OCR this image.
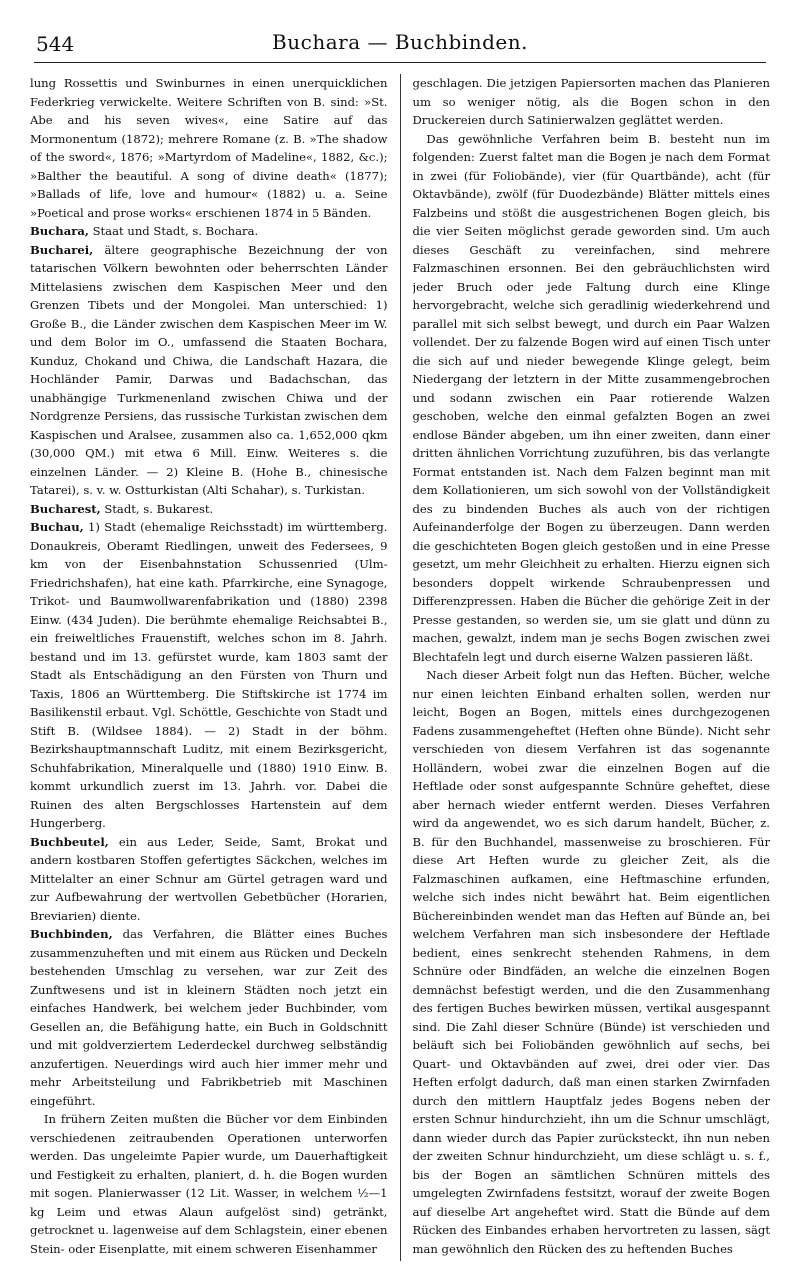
544	Buchara — Buchbinden.

lung Rossettis und Swinburnes in einen unerquicklichen Federkrieg verwickelte. Weitere Schriften von B. sind: »St. Abe and his seven wives«, eine Satire auf das Mormonentum (1872); mehrere Romane (z. B. »The shadow of the sword«, 1876; »Martyrdom of Madeline«, 1882, &c.); »Balther the beautiful. A song of divine death« (1877); »Ballads of life, love and humour« (1882) u. a. Seine »Poetical and prose works« erschienen 1874 in 5 Bänden.

Buchara, Staat und Stadt, s. Bochara.

Bucharei, ältere geographische Bezeichnung der von tatarischen Völkern bewohnten oder beherrschten Länder Mittelasiens zwischen dem Kaspischen Meer und den Grenzen Tibets und der Mongolei. Man unterschied: 1) Große B., die Länder zwischen dem Kaspischen Meer im W. und dem Bolor im O., umfassend die Staaten Bochara, Kunduz, Chokand und Chiwa, die Landschaft Hazara, die Hochländer Pamir, Darwas und Badachschan, das unabhängige Turkmenenland zwischen Chiwa und der Nordgrenze Persiens, das russische Turkistan zwischen dem Kaspischen und Aralsee, zusammen also ca. 1,652,000 qkm (30,000 QM.) mit etwa 6 Mill. Einw. Weiteres s. die einzelnen Länder. — 2) Kleine B. (Hohe B., chinesische Tatarei), s. v. w. Ostturkistan (Alti Schahar), s. Turkistan.

Bucharest, Stadt, s. Bukarest.

Buchau, 1) Stadt (ehemalige Reichsstadt) im württemberg. Donaukreis, Oberamt Riedlingen, unweit des Federsees, 9 km von der Eisenbahnstation Schussenried (Ulm-Friedrichshafen), hat eine kath. Pfarrkirche, eine Synagoge, Trikot- und Baumwollwarenfabrikation und (1880) 2398 Einw. (434 Juden). Die berühmte ehemalige Reichsabtei B., ein freiweltliches Frauenstift, welches schon im 8. Jahrh. bestand und im 13. gefürstet wurde, kam 1803 samt der Stadt als Entschädigung an den Fürsten von Thurn und Taxis, 1806 an Württemberg. Die Stiftskirche ist 1774 im Basilikenstil erbaut. Vgl. Schöttle, Geschichte von Stadt und Stift B. (Wildsee 1884). — 2) Stadt in der böhm. Bezirkshauptmannschaft Luditz, mit einem Bezirksgericht, Schuhfabrikation, Mineralquelle und (1880) 1910 Einw. B. kommt urkundlich zuerst im 13. Jahrh. vor. Dabei die Ruinen des alten Bergschlosses Hartenstein auf dem Hungerberg.

Buchbeutel, ein aus Leder, Seide, Samt, Brokat und andern kostbaren Stoffen gefertigtes Säckchen, welches im Mittelalter an einer Schnur am Gürtel getragen ward und zur Aufbewahrung der wertvollen Gebetbücher (Horarien, Breviarien) diente.

Buchbinden, das Verfahren, die Blätter eines Buches zusammenzuheften und mit einem aus Rücken und Deckeln bestehenden Umschlag zu versehen, war zur Zeit des Zunftwesens und ist in kleinern Städten noch jetzt ein einfaches Handwerk, bei welchem jeder Buchbinder, vom Gesellen an, die Befähigung hatte, ein Buch in Goldschnitt und mit goldverziertem Lederdeckel durchweg selbständig anzufertigen. Neuerdings wird auch hier immer mehr und mehr Arbeitsteilung und Fabrikbetrieb mit Maschinen eingeführt.

In frühern Zeiten mußten die Bücher vor dem Einbinden verschiedenen zeitraubenden Operationen unterworfen werden. Das ungeleimte Papier wurde, um Dauerhaftigkeit und Festigkeit zu erhalten, planiert, d. h. die Bogen wurden mit sogen. Planierwasser (12 Lit. Wasser, in welchem ½—1 kg Leim und etwas Alaun aufgelöst sind) getränkt, getrocknet u. lagenweise auf dem Schlagstein, einer ebenen Stein- oder Eisenplatte, mit einem schweren Eisenhammer

geschlagen. Die jetzigen Papiersorten machen das Planieren um so weniger nötig, als die Bogen schon in den Druckereien durch Satinierwalzen geglättet werden.

Das gewöhnliche Verfahren beim B. besteht nun im folgenden: Zuerst faltet man die Bogen je nach dem Format in zwei (für Foliobände), vier (für Quartbände), acht (für Oktavbände), zwölf (für Duodezbände) Blätter mittels eines Falzbeins und stößt die ausgestrichenen Bogen gleich, bis die vier Seiten möglichst gerade geworden sind. Um auch dieses Geschäft zu vereinfachen, sind mehrere Falzmaschinen ersonnen. Bei den gebräuchlichsten wird jeder Bruch oder jede Faltung durch eine Klinge hervorgebracht, welche sich geradlinig wiederkehrend und parallel mit sich selbst bewegt, und durch ein Paar Walzen vollendet. Der zu falzende Bogen wird auf einen Tisch unter die sich auf und nieder bewegende Klinge gelegt, beim Niedergang der letztern in der Mitte zusammengebrochen und sodann zwischen ein Paar rotierende Walzen geschoben, welche den einmal gefalzten Bogen an zwei endlose Bänder abgeben, um ihn einer zweiten, dann einer dritten ähnlichen Vorrichtung zuzuführen, bis das verlangte Format entstanden ist. Nach dem Falzen beginnt man mit dem Kollationieren, um sich sowohl von der Vollständigkeit des zu bindenden Buches als auch von der richtigen Aufeinanderfolge der Bogen zu überzeugen. Dann werden die geschichteten Bogen gleich gestoßen und in eine Presse gesetzt, um mehr Gleichheit zu erhalten. Hierzu eignen sich besonders doppelt wirkende Schraubenpressen und Differenzpressen. Haben die Bücher die gehörige Zeit in der Presse gestanden, so werden sie, um sie glatt und dünn zu machen, gewalzt, indem man je sechs Bogen zwischen zwei Blechtafeln legt und durch eiserne Walzen passieren läßt.

Nach dieser Arbeit folgt nun das Heften. Bücher, welche nur einen leichten Einband erhalten sollen, werden nur leicht, Bogen an Bogen, mittels eines durchgezogenen Fadens zusammengeheftet (Heften ohne Bünde). Nicht sehr verschieden von diesem Verfahren ist das sogenannte Holländern, wobei zwar die einzelnen Bogen auf die Heftlade oder sonst aufgespannte Schnüre geheftet, diese aber hernach wieder entfernt werden. Dieses Verfahren wird da angewendet, wo es sich darum handelt, Bücher, z. B. für den Buchhandel, massenweise zu broschieren. Für diese Art Heften wurde zu gleicher Zeit, als die Falzmaschinen aufkamen, eine Heftmaschine erfunden, welche sich indes nicht bewährt hat. Beim eigentlichen Büchereinbinden wendet man das Heften auf Bünde an, bei welchem Verfahren man sich insbesondere der Heftlade bedient, eines senkrecht stehenden Rahmens, in dem Schnüre oder Bindfäden, an welche die einzelnen Bogen demnächst befestigt werden, und die den Zusammenhang des fertigen Buches bewirken müssen, vertikal ausgespannt sind. Die Zahl dieser Schnüre (Bünde) ist verschieden und beläuft sich bei Foliobänden gewöhnlich auf sechs, bei Quart- und Oktavbänden auf zwei, drei oder vier. Das Heften erfolgt dadurch, daß man einen starken Zwirnfaden durch den mittlern Hauptfalz jedes Bogens neben der ersten Schnur hindurchzieht, ihn um die Schnur umschlägt, dann wieder durch das Papier zurücksteckt, ihn nun neben der zweiten Schnur hindurchzieht, um diese schlägt u. s. f., bis der Bogen an sämtlichen Schnüren mittels des umgelegten Zwirnfadens festsitzt, worauf der zweite Bogen auf dieselbe Art angeheftet wird. Statt die Bünde auf dem Rücken des Einbandes erhaben hervortreten zu lassen, sägt man gewöhnlich den Rücken des zu heftenden Buches
